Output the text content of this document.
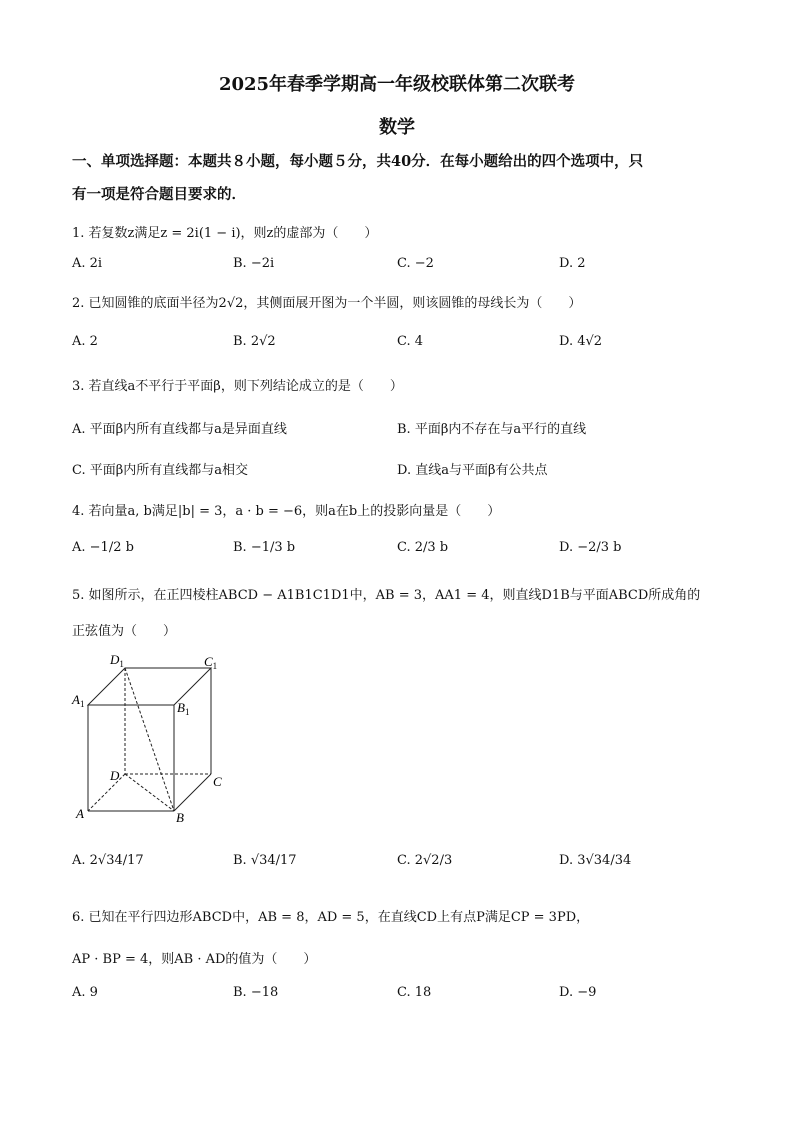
2025年春季学期高一年级校联体第二次联考
数学
一、单项选择题：本题共８小题，每小题５分，共40分．在每小题给出的四个选项中，只
有一项是符合题目要求的．
1. 若复数z满足z = 2i(1 − i)，则z的虚部为（　　）
A. 2i	B. −2i	C. −2	D. 2
2. 已知圆锥的底面半径为2√2，其侧面展开图为一个半圆，则该圆锥的母线长为（　　）
A. 2	B. 2√2	C. 4	D. 4√2
3. 若直线a不平行于平面β，则下列结论成立的是（　　）
A. 平面β内所有直线都与a是异面直线	B. 平面β内不存在与a平行的直线
C. 平面β内所有直线都与a相交	D. 直线a与平面β有公共点
4. 若向量a, b满足|b| = 3，a · b = −6，则a在b上的投影向量是（　　）
A. −1/2 b	B. −1/3 b	C. 2/3 b	D. −2/3 b
5. 如图所示，在正四棱柱ABCD − A1B1C1D1中，AB = 3，AA1 = 4，则直线D1B与平面ABCD所成角的
正弦值为（　　）
$D_1$	$C_1$
$A_1$	$B_1$
D	C
A	B
A. 2√34/17	B. √34/17	C. 2√2/3	D. 3√34/34
6. 已知在平行四边形ABCD中，AB = 8，AD = 5，在直线CD上有点P满足CP = 3PD，
AP · BP = 4，则AB · AD的值为（　　）
A. 9	B. −18	C. 18	D. −9
